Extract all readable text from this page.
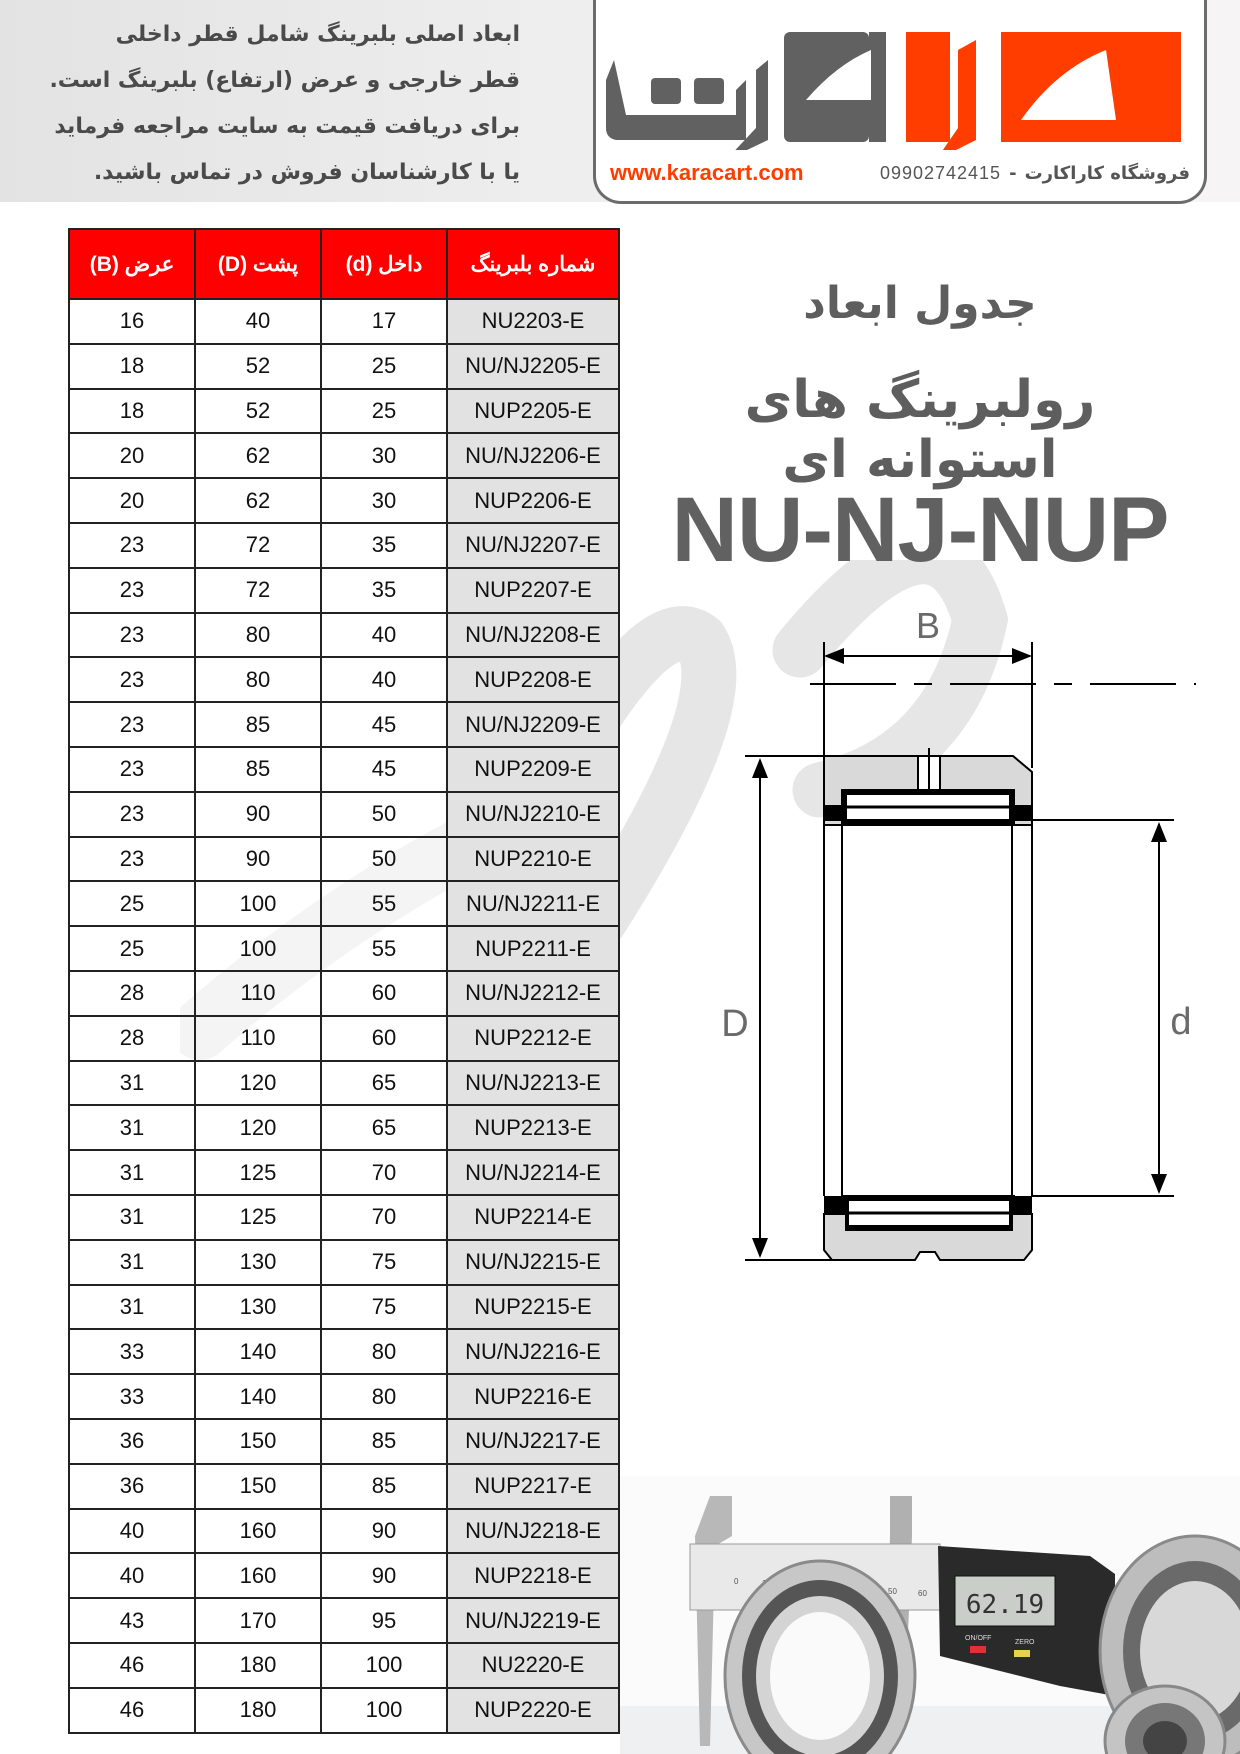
ابعاد اصلی بلبرینگ شامل قطر داخلی
قطر خارجی و عرض (ارتفاع) بلبرینگ است.
برای دریافت قیمت به سایت مراجعه فرماید
یا با کارشناسان فروش در تماس باشید.	www.karacart.com	فروشگاه کاراکارت
-
09902742415
عرض (B)	پشت (D)	داخل (d)	شماره بلبرینگ
16	40	17	NU2203-E
18	52	25	NU/NJ2205-E
18	52	25	NUP2205-E
20	62	30	NU/NJ2206-E
20	62	30	NUP2206-E
23	72	35	NU/NJ2207-E
23	72	35	NUP2207-E
23	80	40	NU/NJ2208-E
23	80	40	NUP2208-E
23	85	45	NU/NJ2209-E
23	85	45	NUP2209-E
23	90	50	NU/NJ2210-E
23	90	50	NUP2210-E
25	100	55	NU/NJ2211-E
25	100	55	NUP2211-E
28	110	60	NU/NJ2212-E
28	110	60	NUP2212-E
31	120	65	NU/NJ2213-E
31	120	65	NUP2213-E
31	125	70	NU/NJ2214-E
31	125	70	NUP2214-E
31	130	75	NU/NJ2215-E
31	130	75	NUP2215-E
33	140	80	NU/NJ2216-E
33	140	80	NUP2216-E
36	150	85	NU/NJ2217-E
36	150	85	NUP2217-E
40	160	90	NU/NJ2218-E
40	160	90	NUP2218-E
43	170	95	NU/NJ2219-E
46	180	100	NU2220-E
46	180	100	NUP2220-E
جدول ابعاد
رولبرینگ های استوانه ای
NU-NJ-NUP
B
D	d
0
50	60 62.19
ON/OFF
ZERO
